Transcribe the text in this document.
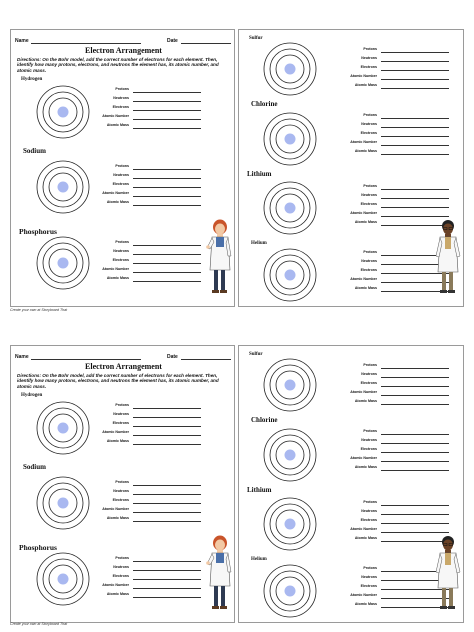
Name	Date
Electron Arrangement
Directions: On the Bohr model, add the correct number of electrons for each element. Then, identify how many protons, electrons, and neutrons the element has, its atomic number, and atomic mass.
Hydrogen
Protons
Neutrons
Electrons
Atomic Number
Atomic Mass
Sodium
Protons
Neutrons
Electrons
Atomic Number
Atomic Mass
Phosphorus
Protons
Neutrons
Electrons
Atomic Number
Atomic Mass
Sulfur
Protons
Neutrons
Electrons
Atomic Number
Atomic Mass
Chlorine
Protons
Neutrons
Electrons
Atomic Number
Atomic Mass
Lithium
Protons
Neutrons
Electrons
Atomic Number
Atomic Mass
Helium
Protons
Neutrons
Electrons
Atomic Number
Atomic Mass
Create your own at Storyboard That
Name	Date
Electron Arrangement
Directions: On the Bohr model, add the correct number of electrons for each element. Then, identify how many protons, electrons, and neutrons the element has, its atomic number, and atomic mass.
Hydrogen
Protons
Neutrons
Electrons
Atomic Number
Atomic Mass
Sodium
Protons
Neutrons
Electrons
Atomic Number
Atomic Mass
Phosphorus
Protons
Neutrons
Electrons
Atomic Number
Atomic Mass
Sulfur
Protons
Neutrons
Electrons
Atomic Number
Atomic Mass
Chlorine
Protons
Neutrons
Electrons
Atomic Number
Atomic Mass
Lithium
Protons
Neutrons
Electrons
Atomic Number
Atomic Mass
Helium
Protons
Neutrons
Electrons
Atomic Number
Atomic Mass
Create your own at Storyboard That
